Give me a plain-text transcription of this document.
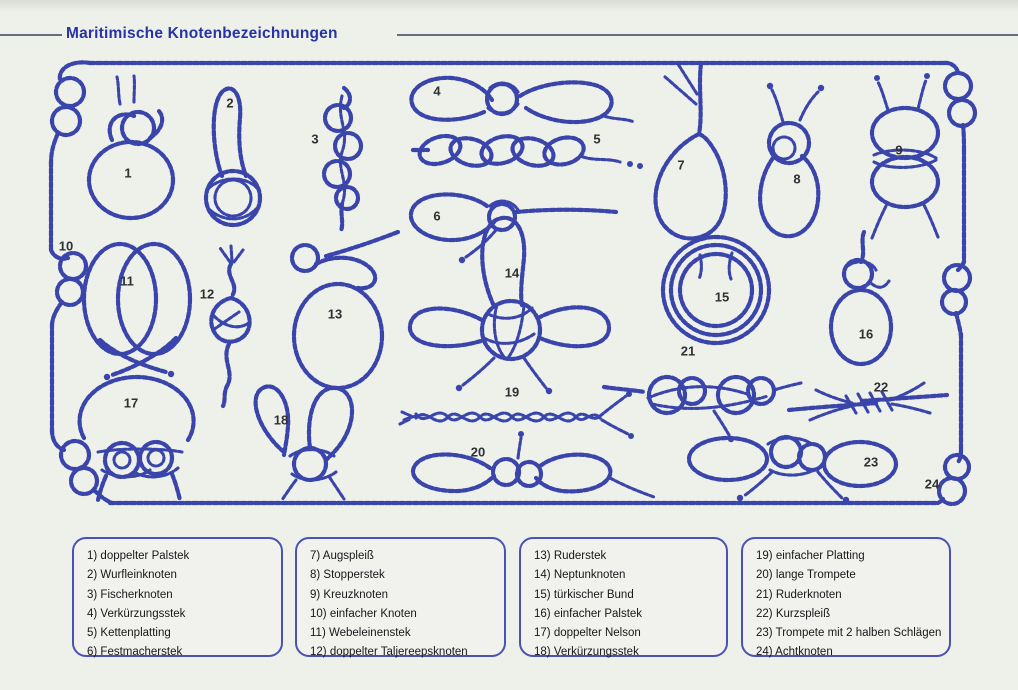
Maritimische Knotenbezeichnungen
1
2
3
4
5
6
7
8
9
10
11
12
13
14
15
16
17
18
19
20
21
22
23
24
1) doppelter Palstek
2) Wurfleinknoten
3) Fischerknoten
4) Verkürzungsstek
5) Kettenplatting
6) Festmacherstek
7) Augspleiß
8) Stopperstek
9) Kreuzknoten
10) einfacher Knoten
11) Webeleinenstek
12) doppelter Taljereepsknoten
13) Ruderstek
14) Neptunknoten
15) türkischer Bund
16) einfacher Palstek
17) doppelter Nelson
18) Verkürzungsstek
19) einfacher Platting
20) lange Trompete
21) Ruderknoten
22) Kurzspleiß
23) Trompete mit 2 halben Schlägen
24) Achtknoten
